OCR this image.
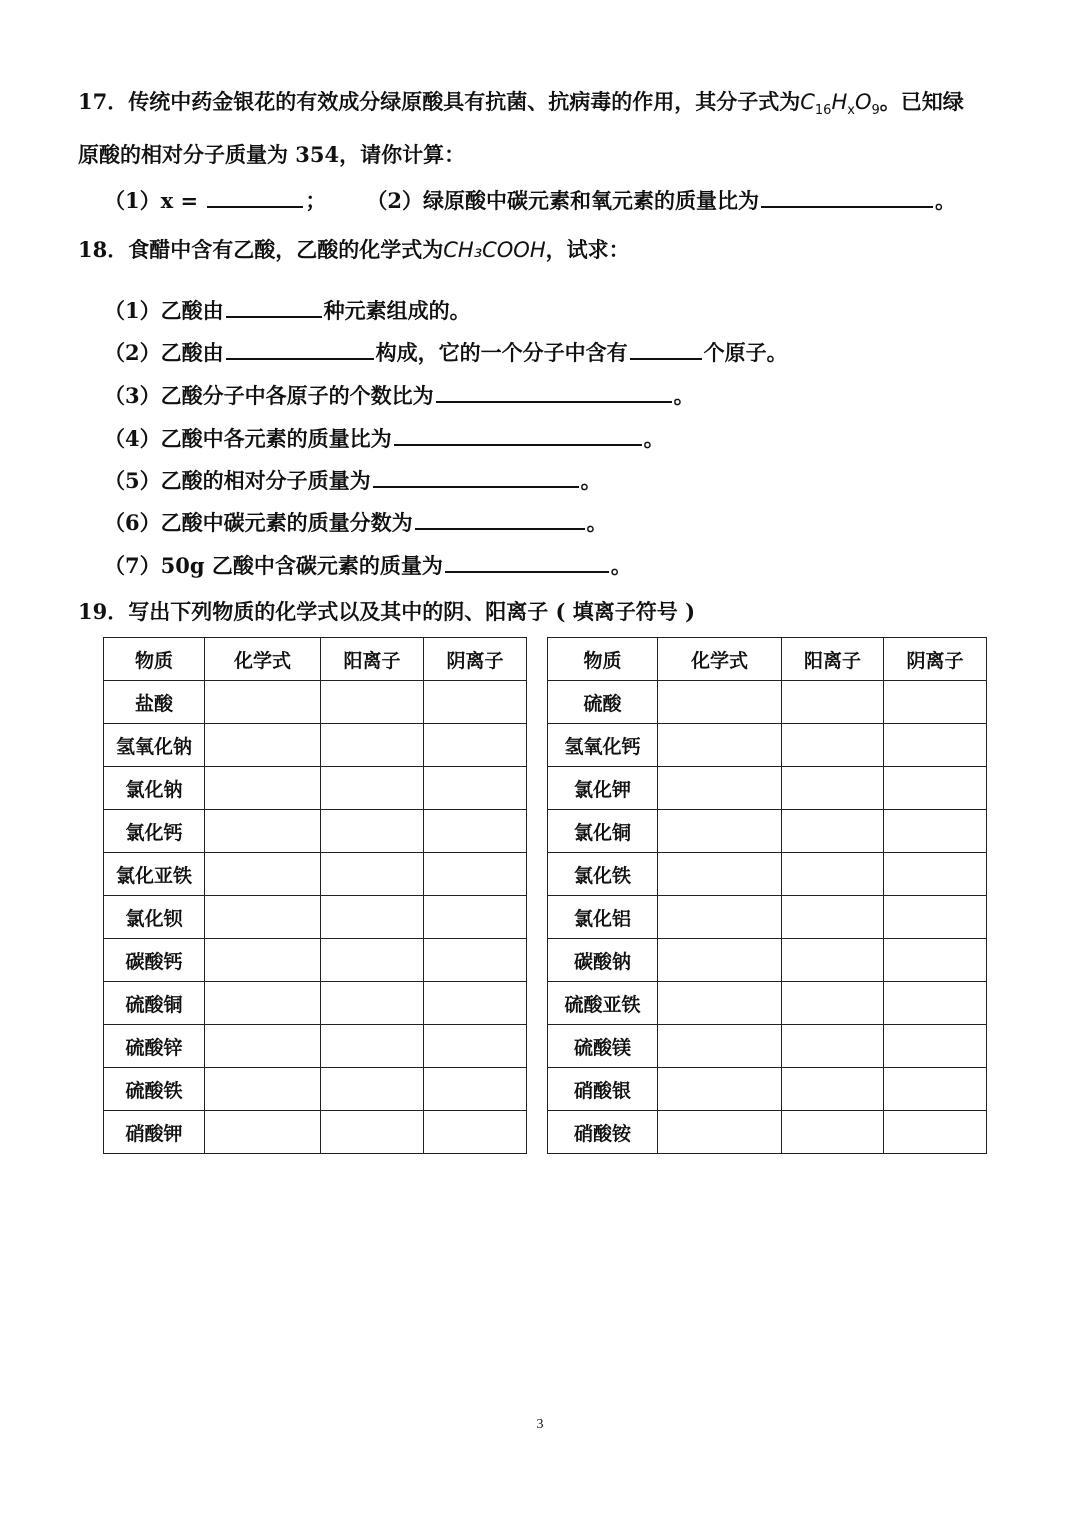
17．传统中药金银花的有效成分绿原酸具有抗菌、抗病毒的作用，其分子式为$C_{16}H_xO_9$。已知绿
原酸的相对分子质量为 354，请你计算：
（1）x =	； （2）绿原酸中碳元素和氧元素的质量比为	。
18．食醋中含有乙酸，乙酸的化学式为CH₃COOH，试求：
（1）乙酸由	种元素组成的。
（2）乙酸由	构成，它的一个分子中含有	个原子。
（3）乙酸分子中各原子的个数比为	。
（4）乙酸中各元素的质量比为	。
（5）乙酸的相对分子质量为	。
（6）乙酸中碳元素的质量分数为	。
（7）50g 乙酸中含碳元素的质量为	。
19．写出下列物质的化学式以及其中的阴、阳离子 ( 填离子符号 )
物质	化学式	阳离子	阴离子
盐酸			
氢氧化钠			
氯化钠			
氯化钙			
氯化亚铁			
氯化钡			
碳酸钙			
硫酸铜			
硫酸锌			
硫酸铁			
硝酸钾			
物质	化学式	阳离子	阴离子
硫酸			
氢氧化钙			
氯化钾			
氯化铜			
氯化铁			
氯化铝			
碳酸钠			
硫酸亚铁			
硫酸镁			
硝酸银			
硝酸铵			
3
